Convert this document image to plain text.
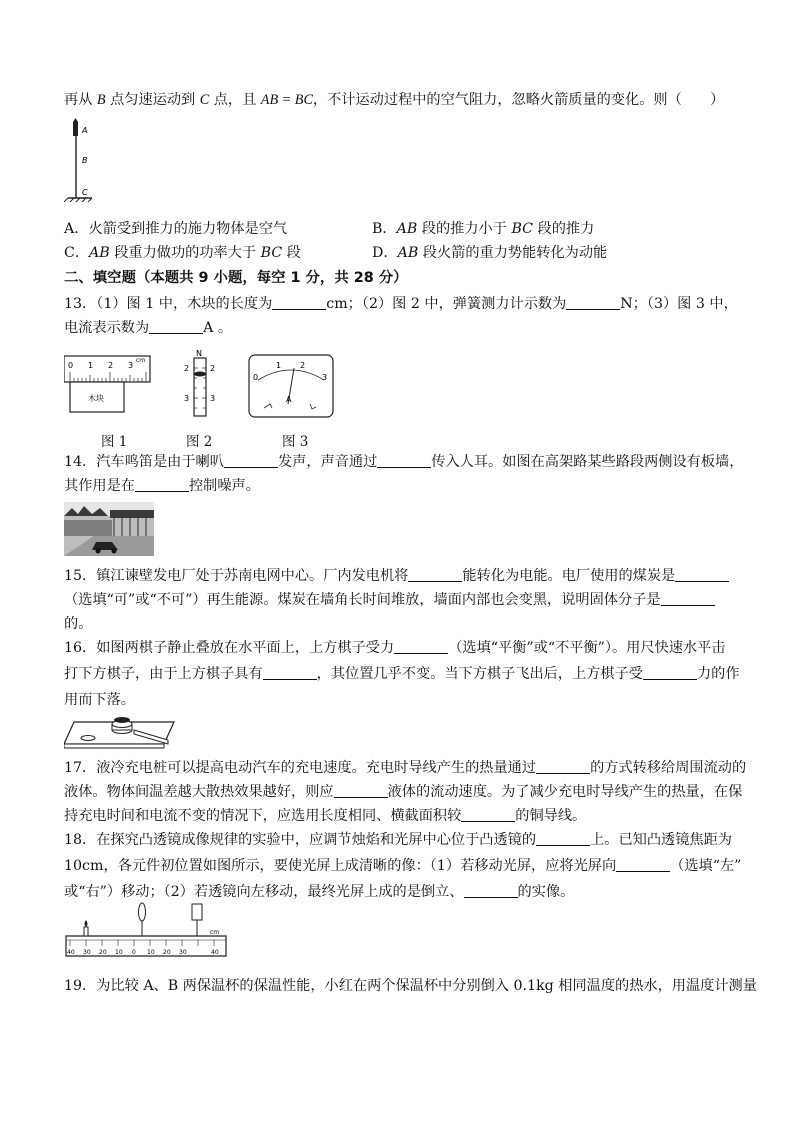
再从 B 点匀速运动到 C 点，且 AB = BC，不计运动过程中的空气阻力，忽略火箭质量的变化。则（　　）
A
B
C
A．火箭受到推力的施力物体是空气	B．AB 段的推力小于 BC 段的推力
C．AB 段重力做功的功率大于 BC 段	D．AB 段火箭的重力势能转化为动能
二、填空题（本题共 9 小题，每空 1 分，共 28 分）
13．（1）图 1 中，木块的长度为	cm；（2）图 2 中，弹簧测力计示数为	N；（3）图 3 中，
电流表示数为	A 。
0 1 2 3
cm
木块
N
2	2
3	3
0
1 2
3
A
图 1	图 2	图 3
14．汽车鸣笛是由于喇叭	发声，声音通过	传入人耳。如图在高架路某些路段两侧设有板墙，
其作用是在	控制噪声。
15．镇江谏壁发电厂处于苏南电网中心。厂内发电机将	能转化为电能。电厂使用的煤炭是
（选填“可”或“不可”）再生能源。煤炭在墙角长时间堆放，墙面内部也会变黑，说明固体分子是
的。
16．如图两棋子静止叠放在水平面上，上方棋子受力	（选填“平衡”或“不平衡”）。用尺快速水平击
打下方棋子，由于上方棋子具有	，其位置几乎不变。当下方棋子飞出后，上方棋子受	力的作
用而下落。
17．液冷充电桩可以提高电动汽车的充电速度。充电时导线产生的热量通过	的方式转移给周围流动的
液体。物体间温差越大散热效果越好，则应	液体的流动速度。为了减少充电时导线产生的热量，在保
持充电时间和电流不变的情况下，应选用长度相同、横截面积较	的铜导线。
18．在探究凸透镜成像规律的实验中，应调节烛焰和光屏中心位于凸透镜的	上。已知凸透镜焦距为
10cm，各元件初位置如图所示，要使光屏上成清晰的像：（1）若移动光屏，应将光屏向	（选填“左”
或“右”）移动；（2）若透镜向左移动，最终光屏上成的是倒立、	的实像。
40 30 20 10 0 10 20 30	40
cm
19．为比较 A、B 两保温杯的保温性能，小红在两个保温杯中分别倒入 0.1kg 相同温度的热水，用温度计测量
